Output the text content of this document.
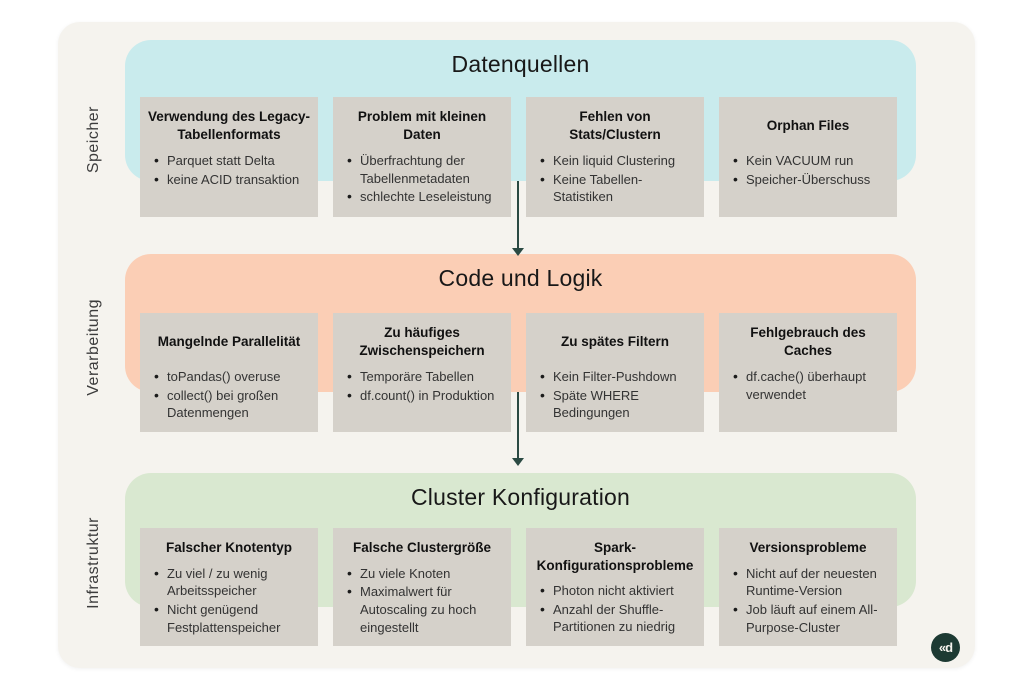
Speicher
Verarbeitung
Infrastruktur
Datenquellen
Code und Logik
Cluster Konfiguration
Verwendung des Legacy-Tabellenformats
• Parquet statt Delta
• keine ACID transaktion
Problem mit kleinen Daten
• Überfrachtung der Tabellenmetadaten
• schlechte Leseleistung
Fehlen von Stats/Clustern
• Kein liquid Clustering
• Keine Tabellen-Statistiken
Orphan Files
• Kein VACUUM run
• Speicher-Überschuss
Mangelnde Parallelität
• toPandas() overuse
• collect() bei großen Datenmengen
Zu häufiges Zwischenspeichern
• Temporäre Tabellen
• df.count() in Produktion
Zu spätes Filtern
• Kein Filter-Pushdown
• Späte WHERE Bedingungen
Fehlgebrauch des Caches
• df.cache() überhaupt verwendet
Falscher Knotentyp
• Zu viel / zu wenig Arbeitsspeicher
• Nicht genügend Festplattenspeicher
Falsche Clustergröße
• Zu viele Knoten
• Maximalwert für Autoscaling zu hoch eingestellt
Spark-Konfigurationsprobleme
• Photon nicht aktiviert
• Anzahl der Shuffle-Partitionen zu niedrig
Versionsprobleme
• Nicht auf der neuesten Runtime-Version
• Job läuft auf einem All-Purpose-Cluster
«d
